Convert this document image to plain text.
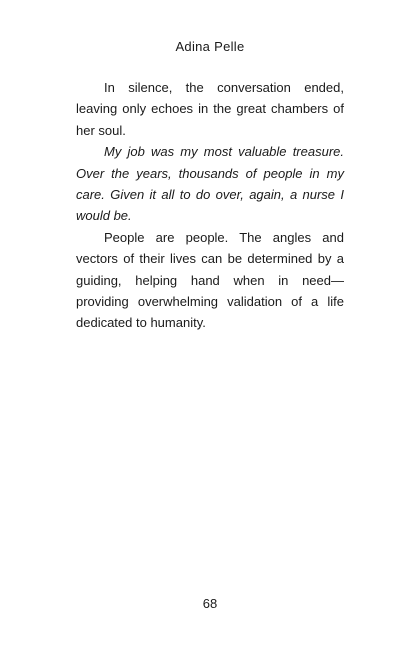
Adina Pelle

In silence, the conversation ended, leaving only echoes in the great chambers of her soul.

My job was my most valuable treasure. Over the years, thousands of people in my care. Given it all to do over, again, a nurse I would be.

People are people. The angles and vectors of their lives can be determined by a guiding, helping hand when in need—providing overwhelming validation of a life dedicated to humanity.

68
